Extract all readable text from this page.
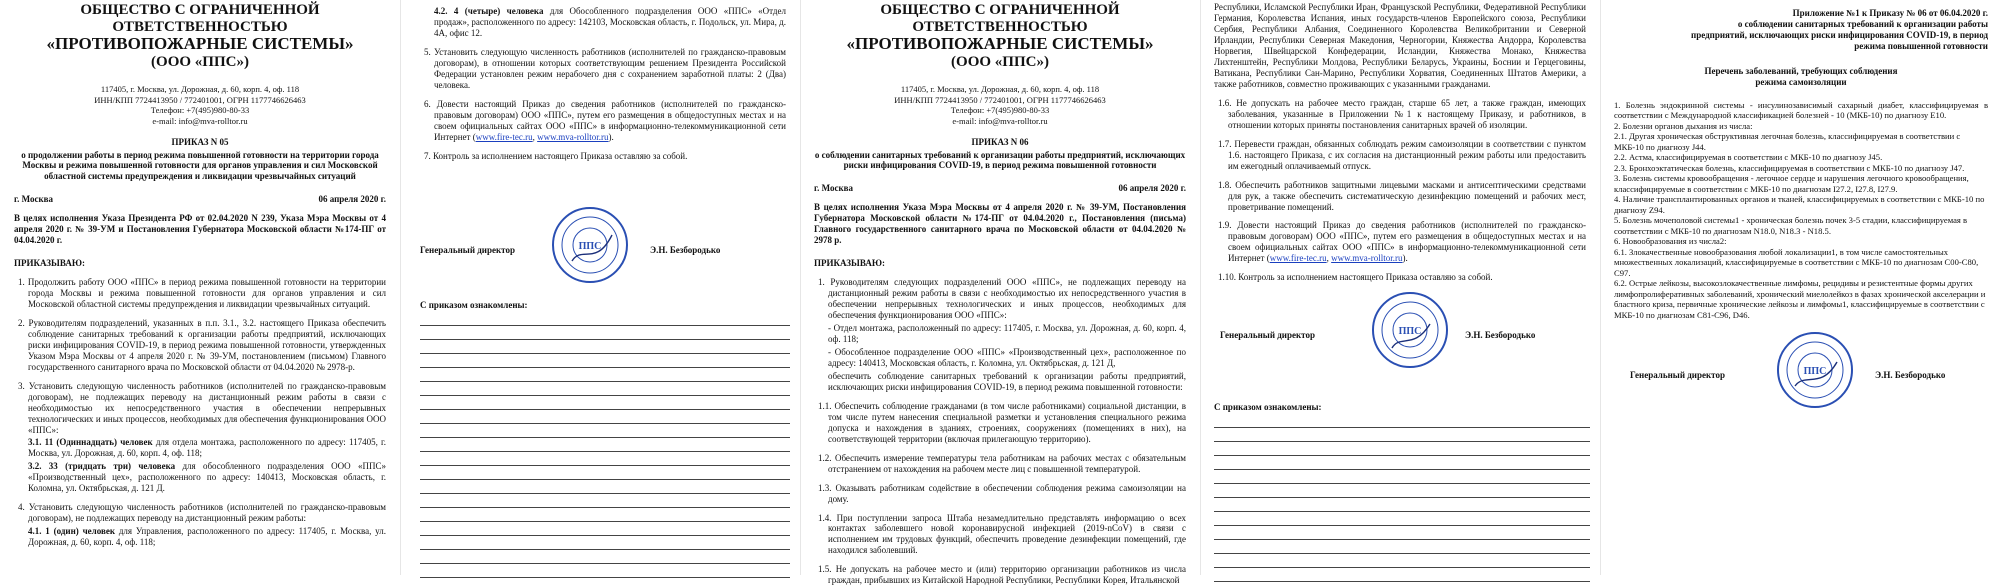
ОБЩЕСТВО С ОГРАНИЧЕННОЙ ОТВЕТСТВЕННОСТЬЮ
«ПРОТИВОПОЖАРНЫЕ СИСТЕМЫ»
(ООО «ППС»)
117405, г. Москва, ул. Дорожная, д. 60, корп. 4, оф. 118
ИНН/КПП 7724413950 / 772401001, ОГРН 1177746626463
Телефон: +7(495)980-80-33
e-mail: info@mva-rolltor.ru
ПРИКАЗ N 05
о продолжении работы в период режима повышенной готовности на территории города Москвы и режима повышенной готовности для органов управления и сил Московской областной системы предупреждения и ликвидации чрезвычайных ситуаций
г. Москва	06 апреля 2020 г.
В целях исполнения Указа Президента РФ от 02.04.2020 N 239, Указа Мэра Москвы от 4 апреля 2020 г. № 39-УМ и Постановления Губернатора Московской области №174-ПГ от 04.04.2020 г.
ПРИКАЗЫВАЮ:
1. Продолжить работу ООО «ППС» в период режима повышенной готовности на территории города Москвы и режима повышенной готовности для органов управления и сил Московской областной системы предупреждения и ликвидации чрезвычайных ситуаций.
2. Руководителям подразделений, указанных в п.п. 3.1., 3.2. настоящего Приказа обеспечить соблюдение санитарных требований к организации работы предприятий, исключающих риски инфицирования COVID-19, в период режима повышенной готовности, утвержденных Указом Мэра Москвы от 4 апреля 2020 г. № 39-УМ, постановлением (письмом) Главного государственного санитарного врача по Московской области от 04.04.2020 № 2978-р.
3. Установить следующую численность работников (исполнителей по гражданско-правовым договорам), не подлежащих переводу на дистанционный режим работы в связи с необходимостью их непосредственного участия в обеспечении непрерывных технологических и иных процессов, необходимых для обеспечения функционирования ООО «ППС»:
3.1. 11 (Одиннадцать) человек для отдела монтажа, расположенного по адресу: 117405, г. Москва, ул. Дорожная, д. 60, корп. 4, оф. 118;
3.2. 33 (тридцать три) человека для обособленного подразделения ООО «ППС» «Производственный цех», расположенного по адресу: 140413, Московская область, г. Коломна, ул. Октябрьская, д. 121 Д.
4. Установить следующую численность работников (исполнителей по гражданско-правовым договорам), не подлежащих переводу на дистанционный режим работы:
4.1. 1 (один) человек для Управления, расположенного по адресу: 117405, г. Москва, ул. Дорожная, д. 60, корп. 4, оф. 118;
4.2. 4 (четыре) человека для Обособленного подразделения ООО «ППС» «Отдел продаж», расположенного по адресу: 142103, Московская область, г. Подольск, ул. Мира, д. 4А, офис 12.
5. Установить следующую численность работников (исполнителей по гражданско-правовым договорам), в отношении которых соответствующим решением Президента Российской Федерации установлен режим нерабочего дня с сохранением заработной платы: 2 (Два) человека.
6. Довести настоящий Приказ до сведения работников (исполнителей по гражданско-правовым договорам) ООО «ППС», путем его размещения в общедоступных местах и на своем официальных сайтах ООО «ППС» в информационно-телекоммуникационной сети Интернет (www.fire-tec.ru, www.mva-rolltor.ru).
7. Контроль за исполнением настоящего Приказа оставляю за собой.
Генеральный директор	ППС	Э.Н. Безбородько
С приказом ознакомлены:
ОБЩЕСТВО С ОГРАНИЧЕННОЙ ОТВЕТСТВЕННОСТЬЮ
«ПРОТИВОПОЖАРНЫЕ СИСТЕМЫ»
(ООО «ППС»)
117405, г. Москва, ул. Дорожная, д. 60, корп. 4, оф. 118
ИНН/КПП 7724413950 / 772401001, ОГРН 1177746626463
Телефон: +7(495)980-80-33
e-mail: info@mva-rolltor.ru
ПРИКАЗ N 06
о соблюдении санитарных требований к организации работы предприятий, исключающих риски инфицирования COVID-19, в период режима повышенной готовности
г. Москва	06 апреля 2020 г.
В целях исполнения Указа Мэра Москвы от 4 апреля 2020 г. № 39-УМ, Постановления Губернатора Московской области №174-ПГ от 04.04.2020 г., Постановления (письма) Главного государственного санитарного врача по Московской области от 04.04.2020 № 2978 р.
ПРИКАЗЫВАЮ:
1. Руководителям следующих подразделений ООО «ППС», не подлежащих переводу на дистанционный режим работы в связи с необходимостью их непосредственного участия в обеспечении непрерывных технологических и иных процессов, необходимых для обеспечения функционирования ООО «ППС»:
- Отдел монтажа, расположенный по адресу: 117405, г. Москва, ул. Дорожная, д. 60, корп. 4, оф. 118;
- Обособленное подразделение ООО «ППС» «Производственный цех», расположенное по адресу: 140413, Московская область, г. Коломна, ул. Октябрьская, д. 121 Д,
обеспечить соблюдение санитарных требований к организации работы предприятий, исключающих риски инфицирования COVID-19, в период режима повышенной готовности:
1.1. Обеспечить соблюдение гражданами (в том числе работниками) социальной дистанции, в том числе путем нанесения специальной разметки и установления специального режима допуска и нахождения в зданиях, строениях, сооружениях (помещениях в них), на соответствующей территории (включая прилегающую территорию).
1.2. Обеспечить измерение температуры тела работникам на рабочих местах с обязательным отстранением от нахождения на рабочем месте лиц с повышенной температурой.
1.3. Оказывать работникам содействие в обеспечении соблюдения режима самоизоляции на дому.
1.4. При поступлении запроса Штаба незамедлительно представлять информацию о всех контактах заболевшего новой коронавирусной инфекцией (2019-nCoV) в связи с исполнением им трудовых функций, обеспечить проведение дезинфекции помещений, где находился заболевший.
1.5. Не допускать на рабочее место и (или) территорию организации работников из числа граждан, прибывших из Китайской Народной Республики, Республики Корея, Итальянской
Республики, Исламской Республики Иран, Французской Республики, Федеративной Республики Германия, Королевства Испания, иных государств-членов Европейского союза, Республики Сербия, Республики Албания, Соединенного Королевства Великобритании и Северной Ирландии, Республики Северная Македония, Черногории, Княжества Андорра, Королевства Норвегия, Швейцарской Конфедерации, Исландии, Княжества Монако, Княжества Лихтенштейн, Республики Молдова, Республики Беларусь, Украины, Боснии и Герцеговины, Ватикана, Республики Сан-Марино, Республики Хорватия, Соединенных Штатов Америки, а также работников, совместно проживающих с указанными гражданами.
1.6. Не допускать на рабочее место граждан, старше 65 лет, а также граждан, имеющих заболевания, указанные в Приложении №1 к настоящему Приказу, и работников, в отношении которых приняты постановления санитарных врачей об изоляции.
1.7. Перевести граждан, обязанных соблюдать режим самоизоляции в соответствии с пунктом 1.6. настоящего Приказа, с их согласия на дистанционный режим работы или предоставить им ежегодный оплачиваемый отпуск.
1.8. Обеспечить работников защитными лицевыми масками и антисептическими средствами для рук, а также обеспечить систематическую дезинфекцию помещений и рабочих мест, проветривание помещений.
1.9. Довести настоящий Приказ до сведения работников (исполнителей по гражданско-правовым договорам) ООО «ППС», путем его размещения в общедоступных местах и на своем официальных сайтах ООО «ППС» в информационно-телекоммуникационной сети Интернет (www.fire-tec.ru, www.mva-rolltor.ru).
1.10. Контроль за исполнением настоящего Приказа оставляю за собой.
Генеральный директор	ППС	Э.Н. Безбородько
С приказом ознакомлены:
Приложение №1 к Приказу № 06 от 06.04.2020 г.
о соблюдении санитарных требований к организации работы предприятий, исключающих риски инфицирования COVID-19, в период режима повышенной готовности
Перечень заболеваний, требующих соблюдения режима самоизоляции
1. Болезнь эндокринной системы - инсулинозависимый сахарный диабет, классифицируемая в соответствии с Международной классификацией болезней - 10 (МКБ-10) по диагнозу E10.
2. Болезни органов дыхания из числа:
2.1. Другая хроническая обструктивная легочная болезнь, классифицируемая в соответствии с МКБ-10 по диагнозу J44.
2.2. Астма, классифицируемая в соответствии с МКБ-10 по диагнозу J45.
2.3. Бронхоэктатическая болезнь, классифицируемая в соответствии с МКБ-10 по диагнозу J47.
3. Болезнь системы кровообращения - легочное сердце и нарушения легочного кровообращения, классифицируемые в соответствии с МКБ-10 по диагнозам I27.2, I27.8, I27.9.
4. Наличие трансплантированных органов и тканей, классифицируемых в соответствии с МКБ-10 по диагнозу Z94.
5. Болезнь мочеполовой системы1 - хроническая болезнь почек 3-5 стадии, классифицируемая в соответствии с МКБ-10 по диагнозам N18.0, N18.3 - N18.5.
6. Новообразования из числа2:
6.1. Злокачественные новообразования любой локализации1, в том числе самостоятельных множественных локализаций, классифицируемые в соответствии с МКБ-10 по диагнозам C00-C80, C97.
6.2. Острые лейкозы, высокозлокачественные лимфомы, рецидивы и резистентные формы других лимфопролиферативных заболеваний, хронический миелолейкоз в фазах хронической акселерации и бластного криза, первичные хронические лейкозы и лимфомы1, классифицируемые в соответствии с МКБ-10 по диагнозам C81-C96, D46.
Генеральный директор	ППС	Э.Н. Безбородько
